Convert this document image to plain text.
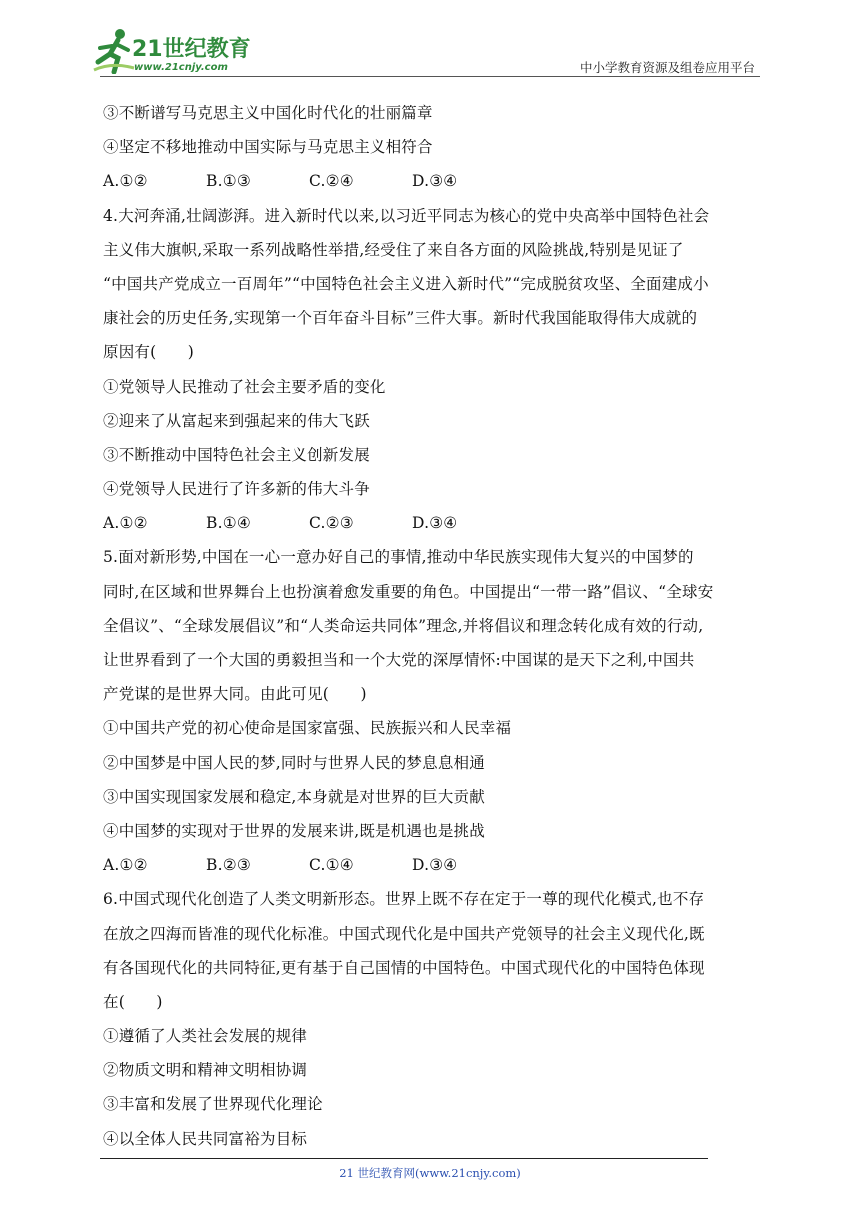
21世纪教育
www.21cnjy.com	中小学教育资源及组卷应用平台
③不断谱写马克思主义中国化时代化的壮丽篇章
④坚定不移地推动中国实际与马克思主义相符合
A.①②	B.①③	C.②④	D.③④
4.大河奔涌,壮阔澎湃。进入新时代以来,以习近平同志为核心的党中央高举中国特色社会
主义伟大旗帜,采取一系列战略性举措,经受住了来自各方面的风险挑战,特别是见证了
“中国共产党成立一百周年”“中国特色社会主义进入新时代”“完成脱贫攻坚、全面建成小
康社会的历史任务,实现第一个百年奋斗目标”三件大事。新时代我国能取得伟大成就的
原因有(　　)
①党领导人民推动了社会主要矛盾的变化
②迎来了从富起来到强起来的伟大飞跃
③不断推动中国特色社会主义创新发展
④党领导人民进行了许多新的伟大斗争
A.①②	B.①④	C.②③	D.③④
5.面对新形势,中国在一心一意办好自己的事情,推动中华民族实现伟大复兴的中国梦的
同时,在区域和世界舞台上也扮演着愈发重要的角色。中国提出“一带一路”倡议、“全球安
全倡议”、“全球发展倡议”和“人类命运共同体”理念,并将倡议和理念转化成有效的行动,
让世界看到了一个大国的勇毅担当和一个大党的深厚情怀:中国谋的是天下之利,中国共
产党谋的是世界大同。由此可见(　　)
①中国共产党的初心使命是国家富强、民族振兴和人民幸福
②中国梦是中国人民的梦,同时与世界人民的梦息息相通
③中国实现国家发展和稳定,本身就是对世界的巨大贡献
④中国梦的实现对于世界的发展来讲,既是机遇也是挑战
A.①②	B.②③	C.①④	D.③④
6.中国式现代化创造了人类文明新形态。世界上既不存在定于一尊的现代化模式,也不存
在放之四海而皆准的现代化标准。中国式现代化是中国共产党领导的社会主义现代化,既
有各国现代化的共同特征,更有基于自己国情的中国特色。中国式现代化的中国特色体现
在(　　)
①遵循了人类社会发展的规律
②物质文明和精神文明相协调
③丰富和发展了世界现代化理论
④以全体人民共同富裕为目标
21 世纪教育网(www.21cnjy.com)
